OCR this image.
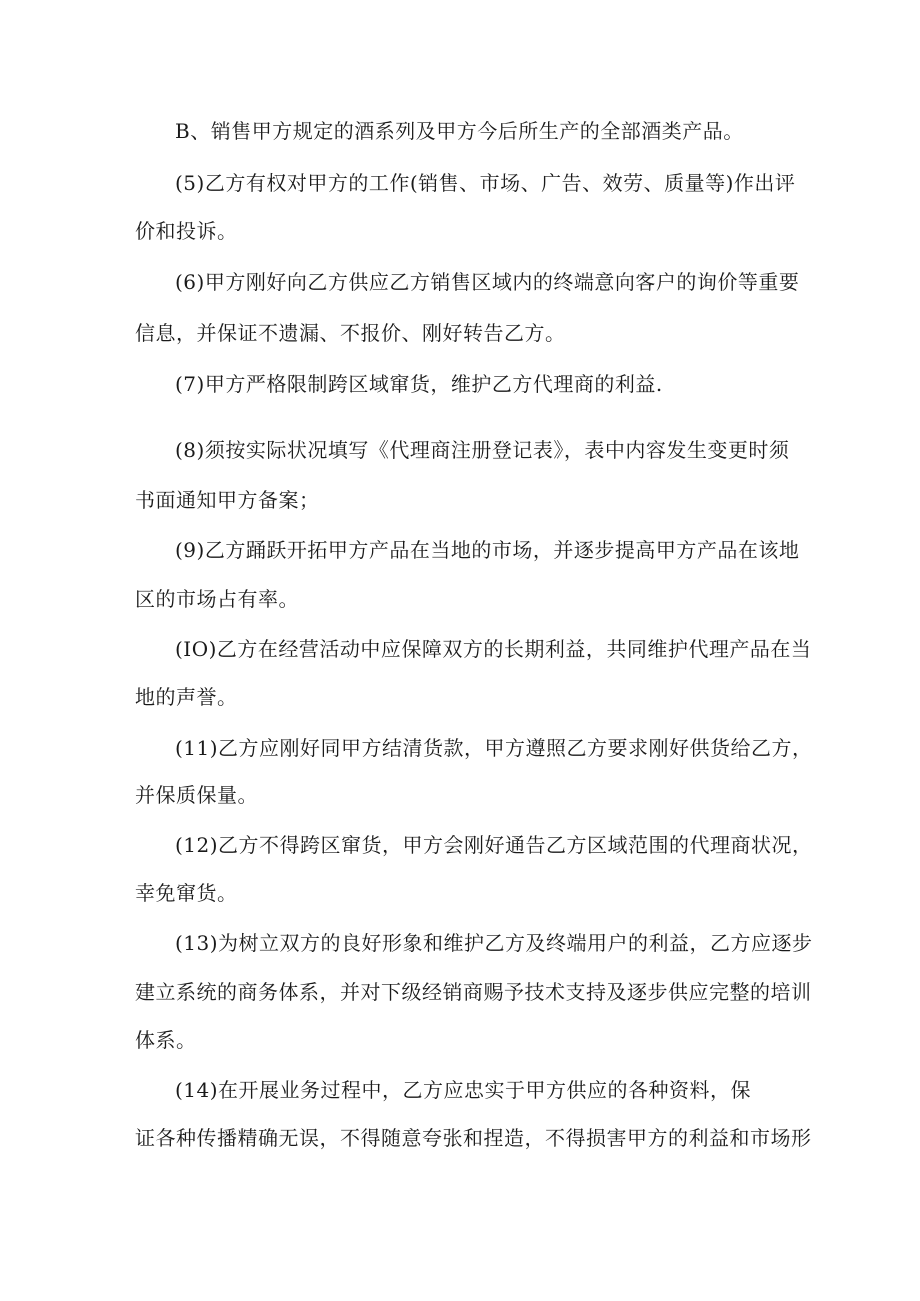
B、销售甲方规定的酒系列及甲方今后所生产的全部酒类产品。
(5)乙方有权对甲方的工作(销售、市场、广告、效劳、质量等)作出评
价和投诉。
(6)甲方刚好向乙方供应乙方销售区域内的终端意向客户的询价等重要
信息，并保证不遗漏、不报价、刚好转告乙方。
(7)甲方严格限制跨区域窜货，维护乙方代理商的利益.
(8)须按实际状况填写《代理商注册登记表》，表中内容发生变更时须
书面通知甲方备案；
(9)乙方踊跃开拓甲方产品在当地的市场，并逐步提高甲方产品在该地
区的市场占有率。
(IO)乙方在经营活动中应保障双方的长期利益，共同维护代理产品在当
地的声誉。
(11)乙方应刚好同甲方结清货款，甲方遵照乙方要求刚好供货给乙方，
并保质保量。
(12)乙方不得跨区窜货，甲方会刚好通告乙方区域范围的代理商状况，
幸免窜货。
(13)为树立双方的良好形象和维护乙方及终端用户的利益，乙方应逐步
建立系统的商务体系，并对下级经销商赐予技术支持及逐步供应完整的培训
体系。
(14)在开展业务过程中，乙方应忠实于甲方供应的各种资料，保
证各种传播精确无误，不得随意夸张和捏造，不得损害甲方的利益和市场形
